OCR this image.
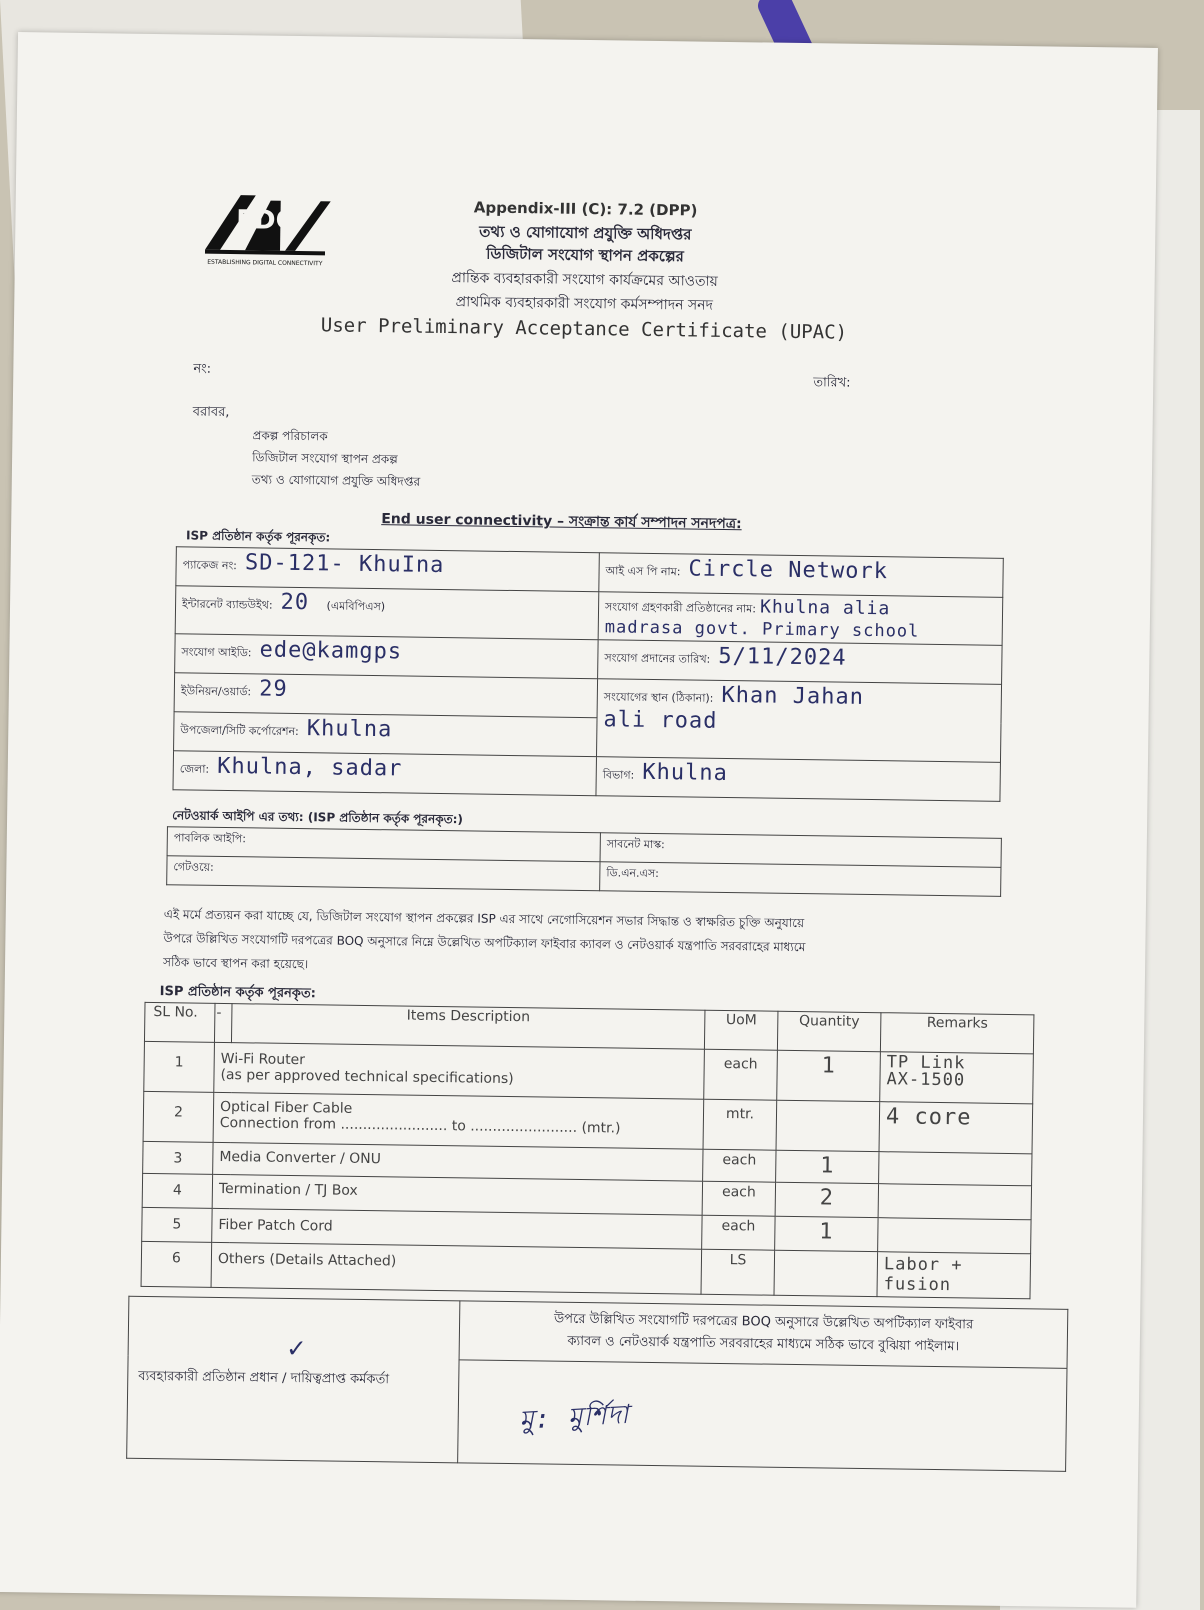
EDC
ESTABLISHING DIGITAL CONNECTIVITY
Appendix-III (C): 7.2 (DPP)
তথ্য ও যোগাযোগ প্রযুক্তি অধিদপ্তর
ডিজিটাল সংযোগ স্থাপন প্রকল্পের
প্রান্তিক ব্যবহারকারী সংযোগ কার্যক্রমের আওতায়
প্রাথমিক ব্যবহারকারী সংযোগ কর্মসম্পাদন সনদ
User Preliminary Acceptance Certificate (UPAC)
নং:
তারিখ:
বরাবর,
প্রকল্প পরিচালক
ডিজিটাল সংযোগ স্থাপন প্রকল্প
তথ্য ও যোগাযোগ প্রযুক্তি অধিদপ্তর
End user connectivity – সংক্রান্ত কার্য সম্পাদন সনদপত্র:
ISP প্রতিষ্ঠান কর্তৃক পূরনকৃত:
প্যাকেজ নং: SD-121- KhuIna	আই এস পি নাম: Circle Network
ইন্টারনেট ব্যান্ডউইথ: 20 (এমবিপিএস)	সংযোগ গ্রহণকারী প্রতিষ্ঠানের নাম: Khulna alia
madrasa govt. Primary school
সংযোগ আইডি: ede@kamgps	সংযোগ প্রদানের তারিখ: 5/11/2024
ইউনিয়ন/ওয়ার্ড: 29	সংযোগের স্থান (ঠিকানা): Khan Jahan
ali road
উপজেলা/সিটি কর্পোরেশন: Khulna	
জেলা: Khulna, sadar	বিভাগ: Khulna
নেটওয়ার্ক আইপি এর তথ্য: (ISP প্রতিষ্ঠান কর্তৃক পূরনকৃত:)
পাবলিক আইপি:	সাবনেট মাস্ক:
গেটওয়ে:	ডি.এন.এস:
এই মর্মে প্রত্যয়ন করা যাচ্ছে যে, ডিজিটাল সংযোগ স্থাপন প্রকল্পের ISP এর সাথে নেগোসিয়েশন সভার সিদ্ধান্ত ও স্বাক্ষরিত চুক্তি অনুযায়ে
উপরে উল্লিখিত সংযোগটি দরপত্রের BOQ অনুসারে নিম্নে উল্লেখিত অপটিক্যাল ফাইবার ক্যাবল ও নেটওয়ার্ক যন্ত্রপাতি সরবরাহের মাধ্যমে
সঠিক ভাবে স্থাপন করা হয়েছে।
ISP প্রতিষ্ঠান কর্তৃক পূরনকৃত:
SL No.	-	Items Description	UoM	Quantity	Remarks
1	Wi-Fi Router
(as per approved technical specifications)		each	1	TP Link
AX-1500
2	Optical Fiber Cable
Connection from ........................ to ........................ (mtr.)		mtr.		4 core
3	Media Converter / ONU		each	1	
4	Termination / TJ Box		each	2	
5	Fiber Patch Cord		each	1	
6	Others (Details Attached)		LS		Labor + fusion
ব্যবহারকারী প্রতিষ্ঠান প্রধান / দায়িত্বপ্রাপ্ত কর্মকর্তা	
উপরে উল্লিখিত সংযোগটি দরপত্রের BOQ অনুসারে উল্লেখিত অপটিক্যাল ফাইবার
ক্যাবল ও নেটওয়ার্ক যন্ত্রপাতি সরবরাহের মাধ্যমে সঠিক ভাবে বুঝিয়া পাইলাম।

মু: মুর্শিদা
✓
